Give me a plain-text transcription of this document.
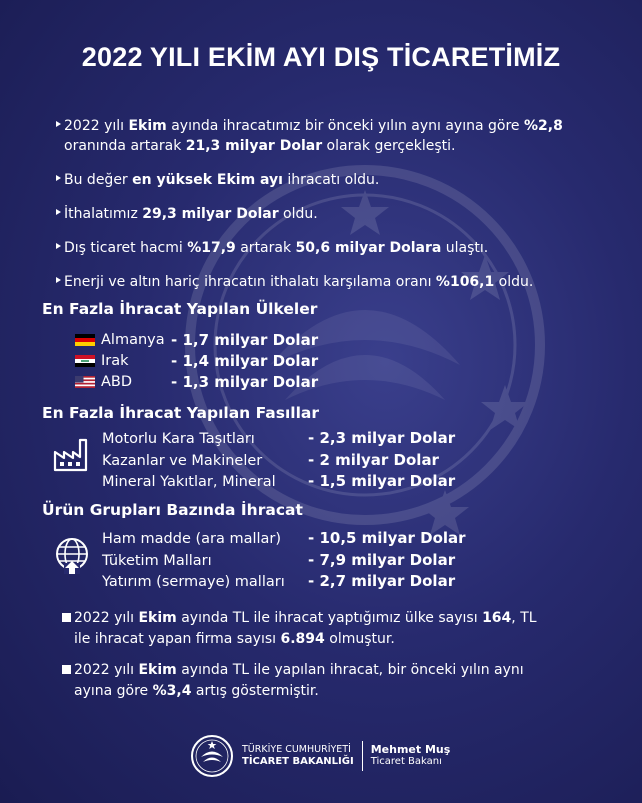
2022 YILI EKİM AYI DIŞ TİCARETİMİZ
2022 yılı Ekim ayında ihracatımız bir önceki yılın aynı ayına göre %2,8
oranında artarak 21,3 milyar Dolar olarak gerçekleşti.
Bu değer en yüksek Ekim ayı ihracatı oldu.
İthalatımız 29,3 milyar Dolar oldu.
Dış ticaret hacmi %17,9 artarak 50,6 milyar Dolara ulaştı.
Enerji ve altın hariç ihracatın ithalatı karşılama oranı %106,1 oldu.
En Fazla İhracat Yapılan Ülkeler
Almanya - 1,7 milyar Dolar
Irak	- 1,4 milyar Dolar
ABD	- 1,3 milyar Dolar
En Fazla İhracat Yapılan Fasıllar
Motorlu Kara Taşıtları	- 2,3 milyar Dolar
Kazanlar ve Makineler	- 2 milyar Dolar
Mineral Yakıtlar, Mineral - 1,5 milyar Dolar
Ürün Grupları Bazında İhracat
Ham madde (ara mallar) - 10,5 milyar Dolar
Tüketim Malları	- 7,9 milyar Dolar
Yatırım (sermaye) malları - 2,7 milyar Dolar
2022 yılı Ekim ayında TL ile ihracat yaptığımız ülke sayısı 164, TL
ile ihracat yapan firma sayısı 6.894 olmuştur.
2022 yılı Ekim ayında TL ile yapılan ihracat, bir önceki yılın aynı
ayına göre %3,4 artış göstermiştir.
TÜRKİYE CUMHURİYETİ
TİCARET BAKANLIĞI
Mehmet Muş
Ticaret Bakanı
